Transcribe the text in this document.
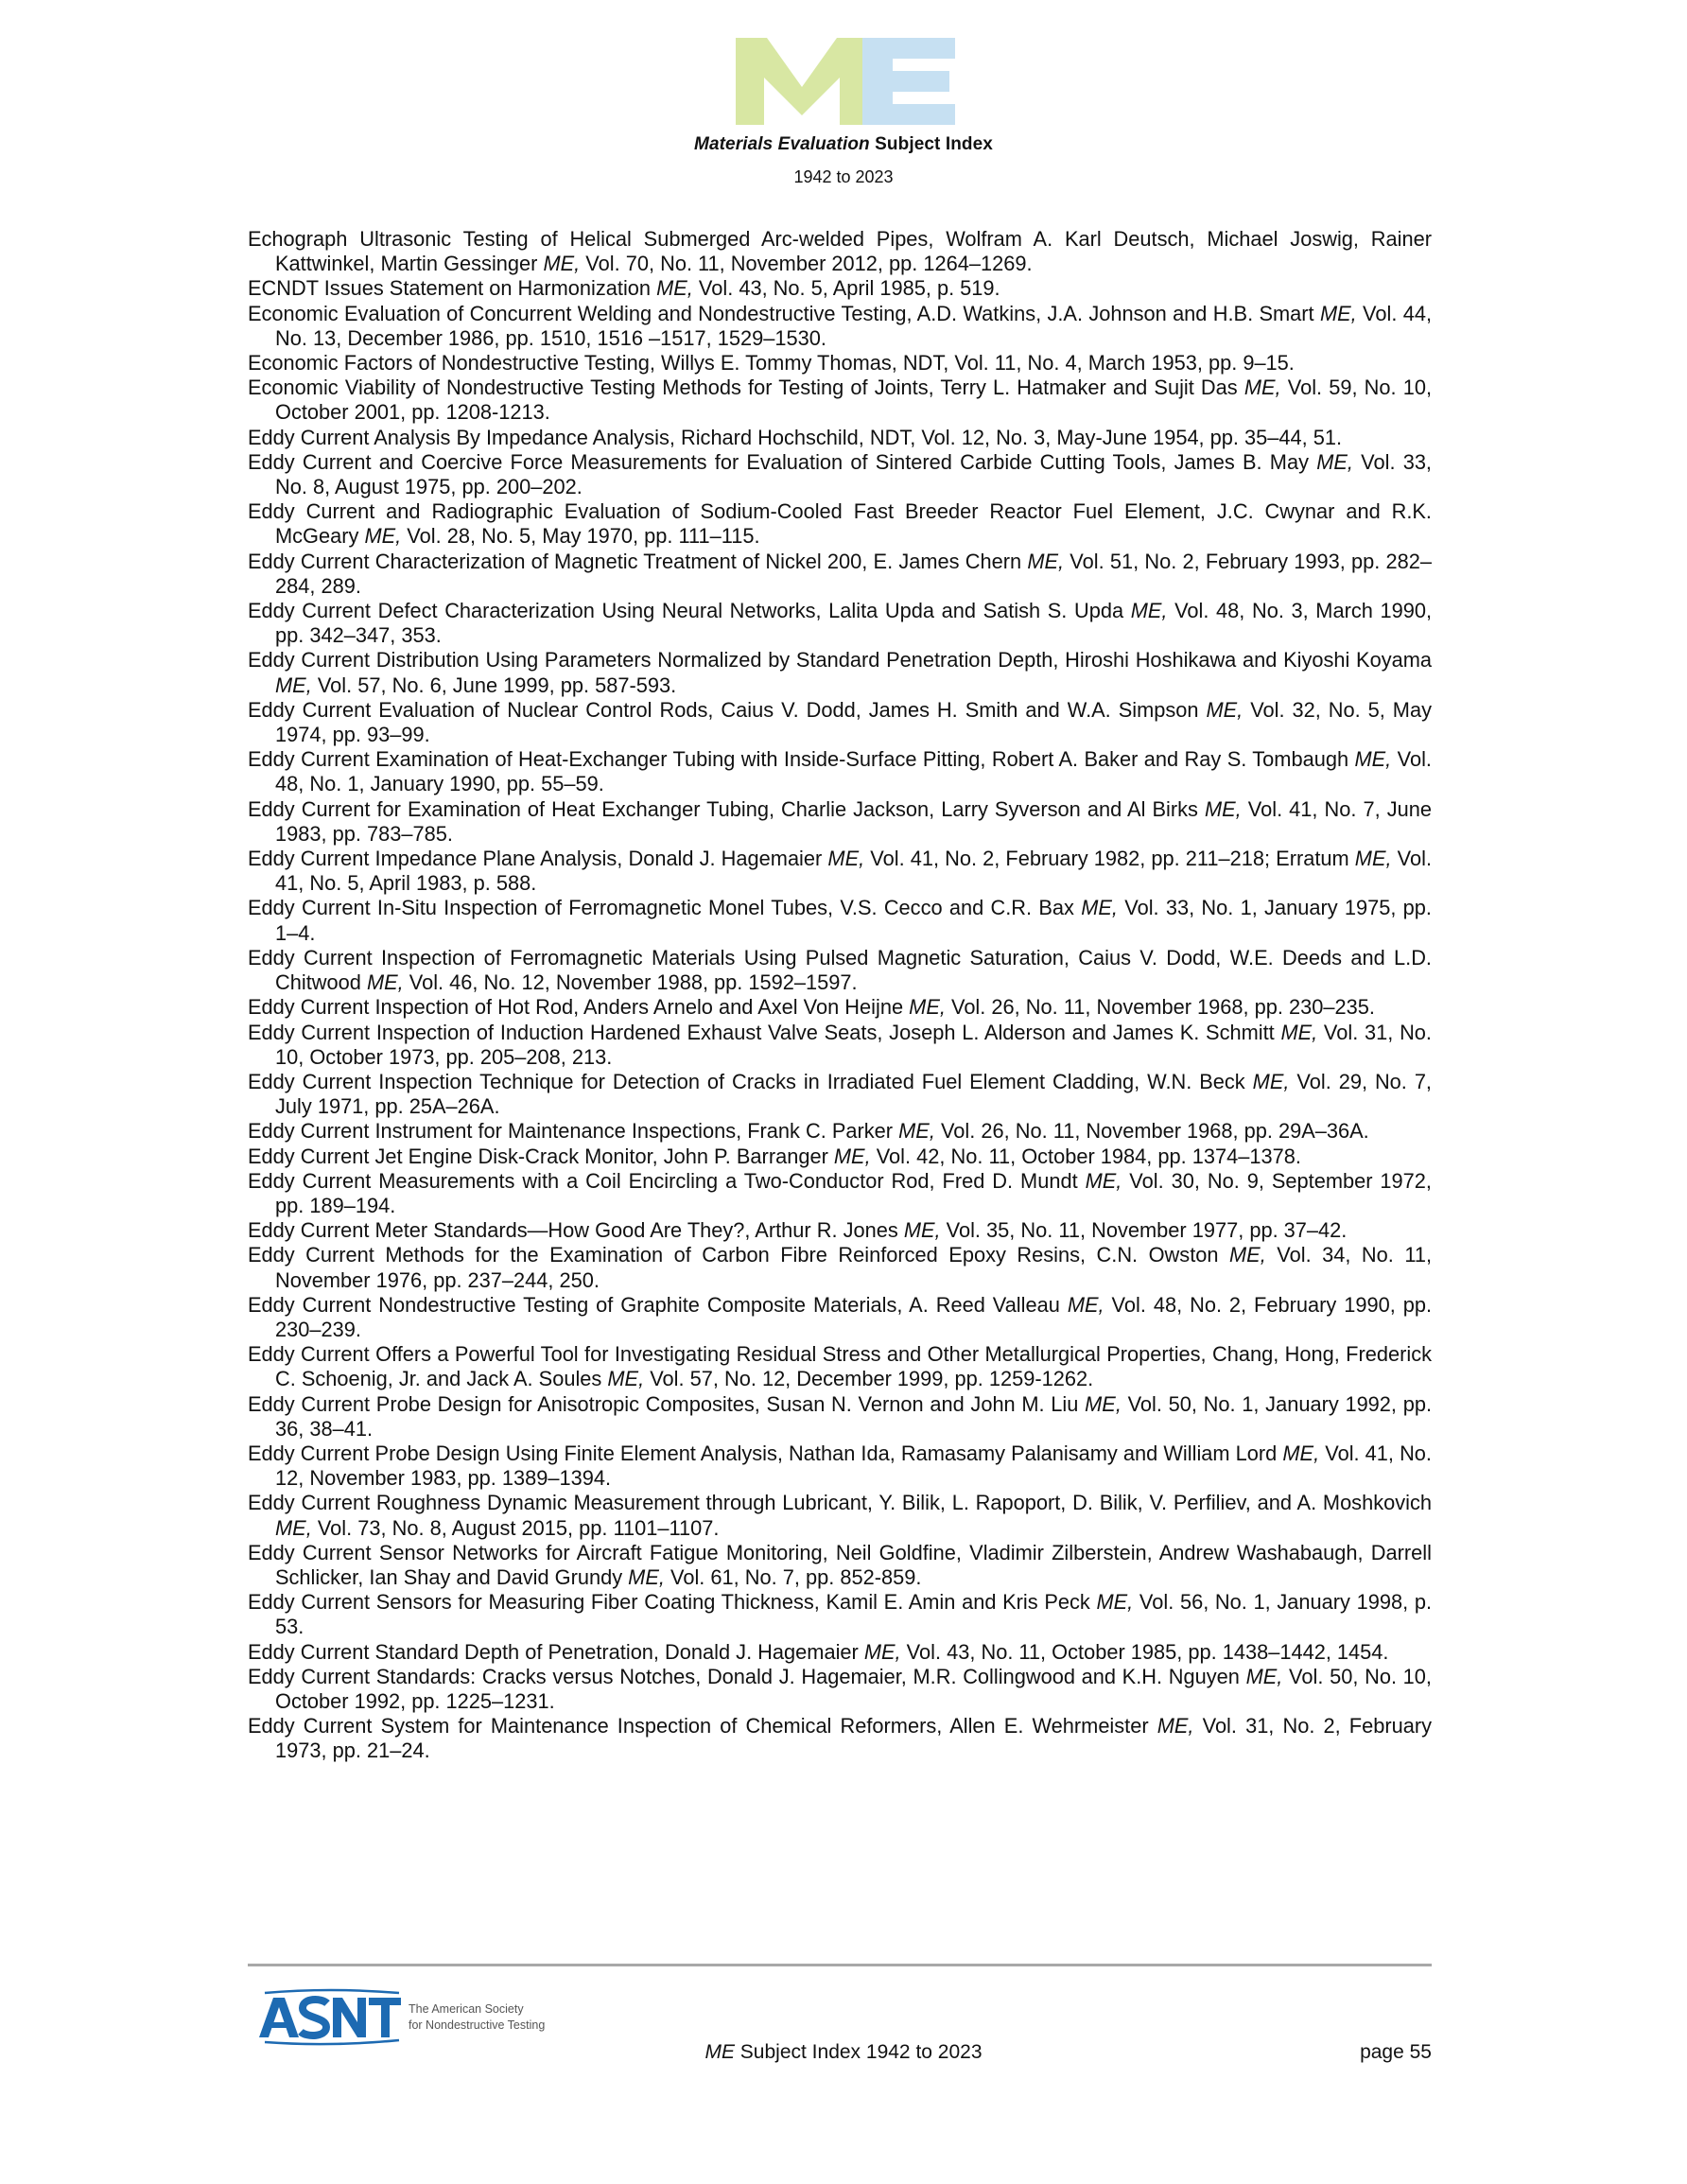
Materials Evaluation Subject Index
1942 to 2023
Echograph Ultrasonic Testing of Helical Submerged Arc-welded Pipes, Wolfram A. Karl Deutsch, Michael Joswig, Rainer Kattwinkel, Martin Gessinger ME, Vol. 70, No. 11, November 2012, pp. 1264–1269.
ECNDT Issues Statement on Harmonization ME, Vol. 43, No. 5, April 1985, p. 519.
Economic Evaluation of Concurrent Welding and Nondestructive Testing, A.D. Watkins, J.A. Johnson and H.B. Smart ME, Vol. 44, No. 13, December 1986, pp. 1510, 1516 –1517, 1529–1530.
Economic Factors of Nondestructive Testing, Willys E. Tommy Thomas, NDT, Vol. 11, No. 4, March 1953, pp. 9–15.
Economic Viability of Nondestructive Testing Methods for Testing of Joints, Terry L. Hatmaker and Sujit Das ME, Vol. 59, No. 10, October 2001, pp. 1208-1213.
Eddy Current Analysis By Impedance Analysis, Richard Hochschild, NDT, Vol. 12, No. 3, May-June 1954, pp. 35–44, 51.
Eddy Current and Coercive Force Measurements for Evaluation of Sintered Carbide Cutting Tools, James B. May ME, Vol. 33, No. 8, August 1975, pp. 200–202.
Eddy Current and Radiographic Evaluation of Sodium-Cooled Fast Breeder Reactor Fuel Element, J.C. Cwynar and R.K. McGeary ME, Vol. 28, No. 5, May 1970, pp. 111–115.
Eddy Current Characterization of Magnetic Treatment of Nickel 200, E. James Chern ME, Vol. 51, No. 2, February 1993, pp. 282–284, 289.
Eddy Current Defect Characterization Using Neural Networks, Lalita Upda and Satish S. Upda ME, Vol. 48, No. 3, March 1990, pp. 342–347, 353.
Eddy Current Distribution Using Parameters Normalized by Standard Penetration Depth, Hiroshi Hoshikawa and Kiyoshi Koyama ME, Vol. 57, No. 6, June 1999, pp. 587-593.
Eddy Current Evaluation of Nuclear Control Rods, Caius V. Dodd, James H. Smith and W.A. Simpson ME, Vol. 32, No. 5, May 1974, pp. 93–99.
Eddy Current Examination of Heat-Exchanger Tubing with Inside-Surface Pitting, Robert A. Baker and Ray S. Tombaugh ME, Vol. 48, No. 1, January 1990, pp. 55–59.
Eddy Current for Examination of Heat Exchanger Tubing, Charlie Jackson, Larry Syverson and Al Birks ME, Vol. 41, No. 7, June 1983, pp. 783–785.
Eddy Current Impedance Plane Analysis, Donald J. Hagemaier ME, Vol. 41, No. 2, February 1982, pp. 211–218; Erratum ME, Vol. 41, No. 5, April 1983, p. 588.
Eddy Current In-Situ Inspection of Ferromagnetic Monel Tubes, V.S. Cecco and C.R. Bax ME, Vol. 33, No. 1, January 1975, pp. 1–4.
Eddy Current Inspection of Ferromagnetic Materials Using Pulsed Magnetic Saturation, Caius V. Dodd, W.E. Deeds and L.D. Chitwood ME, Vol. 46, No. 12, November 1988, pp. 1592–1597.
Eddy Current Inspection of Hot Rod, Anders Arnelo and Axel Von Heijne ME, Vol. 26, No. 11, November 1968, pp. 230–235.
Eddy Current Inspection of Induction Hardened Exhaust Valve Seats, Joseph L. Alderson and James K. Schmitt ME, Vol. 31, No. 10, October 1973, pp. 205–208, 213.
Eddy Current Inspection Technique for Detection of Cracks in Irradiated Fuel Element Cladding, W.N. Beck ME, Vol. 29, No. 7, July 1971, pp. 25A–26A.
Eddy Current Instrument for Maintenance Inspections, Frank C. Parker ME, Vol. 26, No. 11, November 1968, pp. 29A–36A.
Eddy Current Jet Engine Disk-Crack Monitor, John P. Barranger ME, Vol. 42, No. 11, October 1984, pp. 1374–1378.
Eddy Current Measurements with a Coil Encircling a Two-Conductor Rod, Fred D. Mundt ME, Vol. 30, No. 9, September 1972, pp. 189–194.
Eddy Current Meter Standards—How Good Are They?, Arthur R. Jones ME, Vol. 35, No. 11, November 1977, pp. 37–42.
Eddy Current Methods for the Examination of Carbon Fibre Reinforced Epoxy Resins, C.N. Owston ME, Vol. 34, No. 11, November 1976, pp. 237–244, 250.
Eddy Current Nondestructive Testing of Graphite Composite Materials, A. Reed Valleau ME, Vol. 48, No. 2, February 1990, pp. 230–239.
Eddy Current Offers a Powerful Tool for Investigating Residual Stress and Other Metallurgical Properties, Chang, Hong, Frederick C. Schoenig, Jr. and Jack A. Soules ME, Vol. 57, No. 12, December 1999, pp. 1259-1262.
Eddy Current Probe Design for Anisotropic Composites, Susan N. Vernon and John M. Liu ME, Vol. 50, No. 1, January 1992, pp. 36, 38–41.
Eddy Current Probe Design Using Finite Element Analysis, Nathan Ida, Ramasamy Palanisamy and William Lord ME, Vol. 41, No. 12, November 1983, pp. 1389–1394.
Eddy Current Roughness Dynamic Measurement through Lubricant, Y. Bilik, L. Rapoport, D. Bilik, V. Perfiliev, and A. Moshkovich ME, Vol. 73, No. 8, August 2015, pp. 1101–1107.
Eddy Current Sensor Networks for Aircraft Fatigue Monitoring, Neil Goldfine, Vladimir Zilberstein, Andrew Washabaugh, Darrell Schlicker, Ian Shay and David Grundy ME, Vol. 61, No. 7, pp. 852-859.
Eddy Current Sensors for Measuring Fiber Coating Thickness, Kamil E. Amin and Kris Peck ME, Vol. 56, No. 1, January 1998, p. 53.
Eddy Current Standard Depth of Penetration, Donald J. Hagemaier ME, Vol. 43, No. 11, October 1985, pp. 1438–1442, 1454.
Eddy Current Standards: Cracks versus Notches, Donald J. Hagemaier, M.R. Collingwood and K.H. Nguyen ME, Vol. 50, No. 10, October 1992, pp. 1225–1231.
Eddy Current System for Maintenance Inspection of Chemical Reformers, Allen E. Wehrmeister ME, Vol. 31, No. 2, February 1973, pp. 21–24.
The American Society
for Nondestructive Testing
ME Subject Index 1942 to 2023	page 55
